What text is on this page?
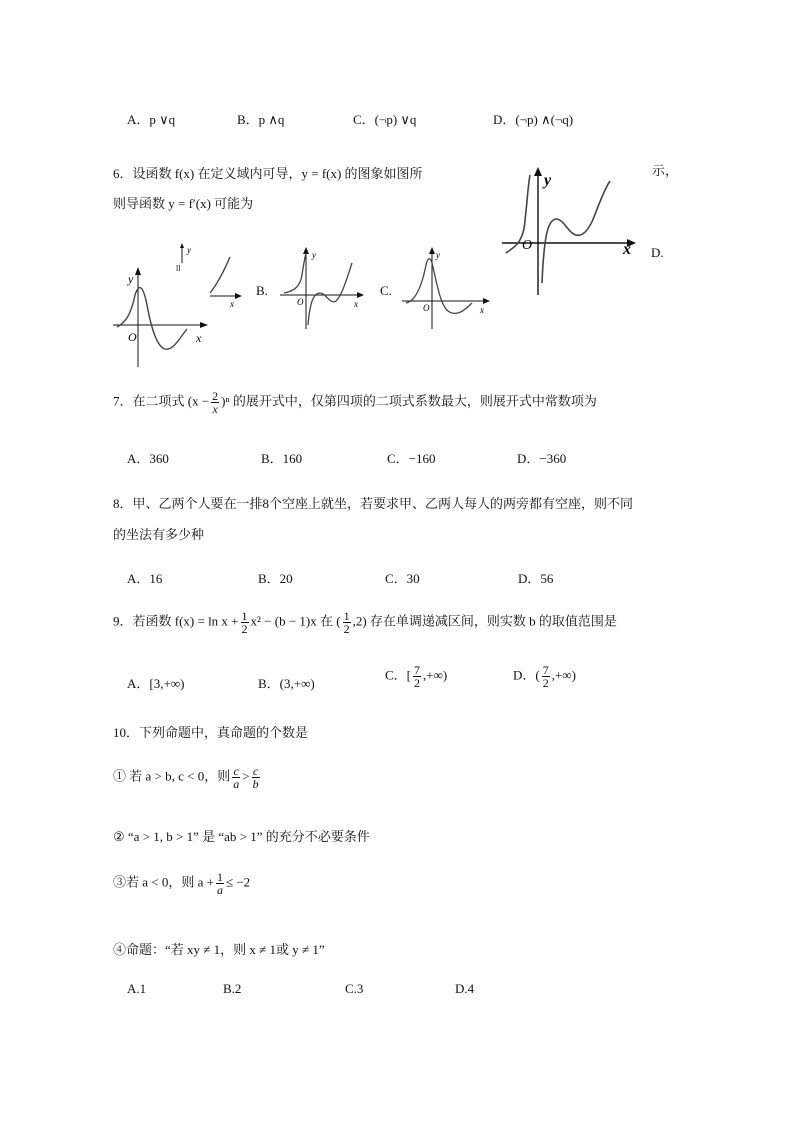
A．p ∨q	B．p ∧q	C．(¬p) ∨q	D．(¬p) ∧(¬q)
6．设函数 f(x) 在定义域内可导，y = f(x) 的图象如图所	示，
则导函数 y = f′(x) 可能为
y
x
O	D.
y
x
O
y
ll
x
B.
y
x
O
C.
y
x
O
7．在二项式 $(x - \frac{2}{x} )^n$ 的展开式中，仅第四项的二项式系数最大，则展开式中常数项为
A．360	B．160	C．−160	D．−360
8．甲、乙两个人要在一排8个空座上就坐，若要求甲、乙两人每人的两旁都有空座，则不同
的坐法有多少种
A．16	B．20	C．30	D．56
9．若函数 $f(x) = \ln x + \frac{1}{2} x^2 - (b - 1)x$ 在 ( $\frac{1}{2} ,2$) 存在单调递减区间，则实数 b 的取值范围是
A．[3,+∞)	B．(3,+∞)
C．[ $\frac{7}{2}$ ,+∞)	D．( $\frac{7}{2}$ ,+∞)
10．下列命题中，真命题的个数是
① 若 a > b, c < 0，则 $\frac{c}{a} > \frac{c}{b}$
② “a > 1, b > 1” 是 “ab > 1” 的充分不必要条件
③若 a < 0，则 $a + \frac{1}{a} \le -2$
④命题：“若 xy ≠ 1，则 x ≠ 1或 y ≠ 1”
A.1	B.2	C.3	D.4
